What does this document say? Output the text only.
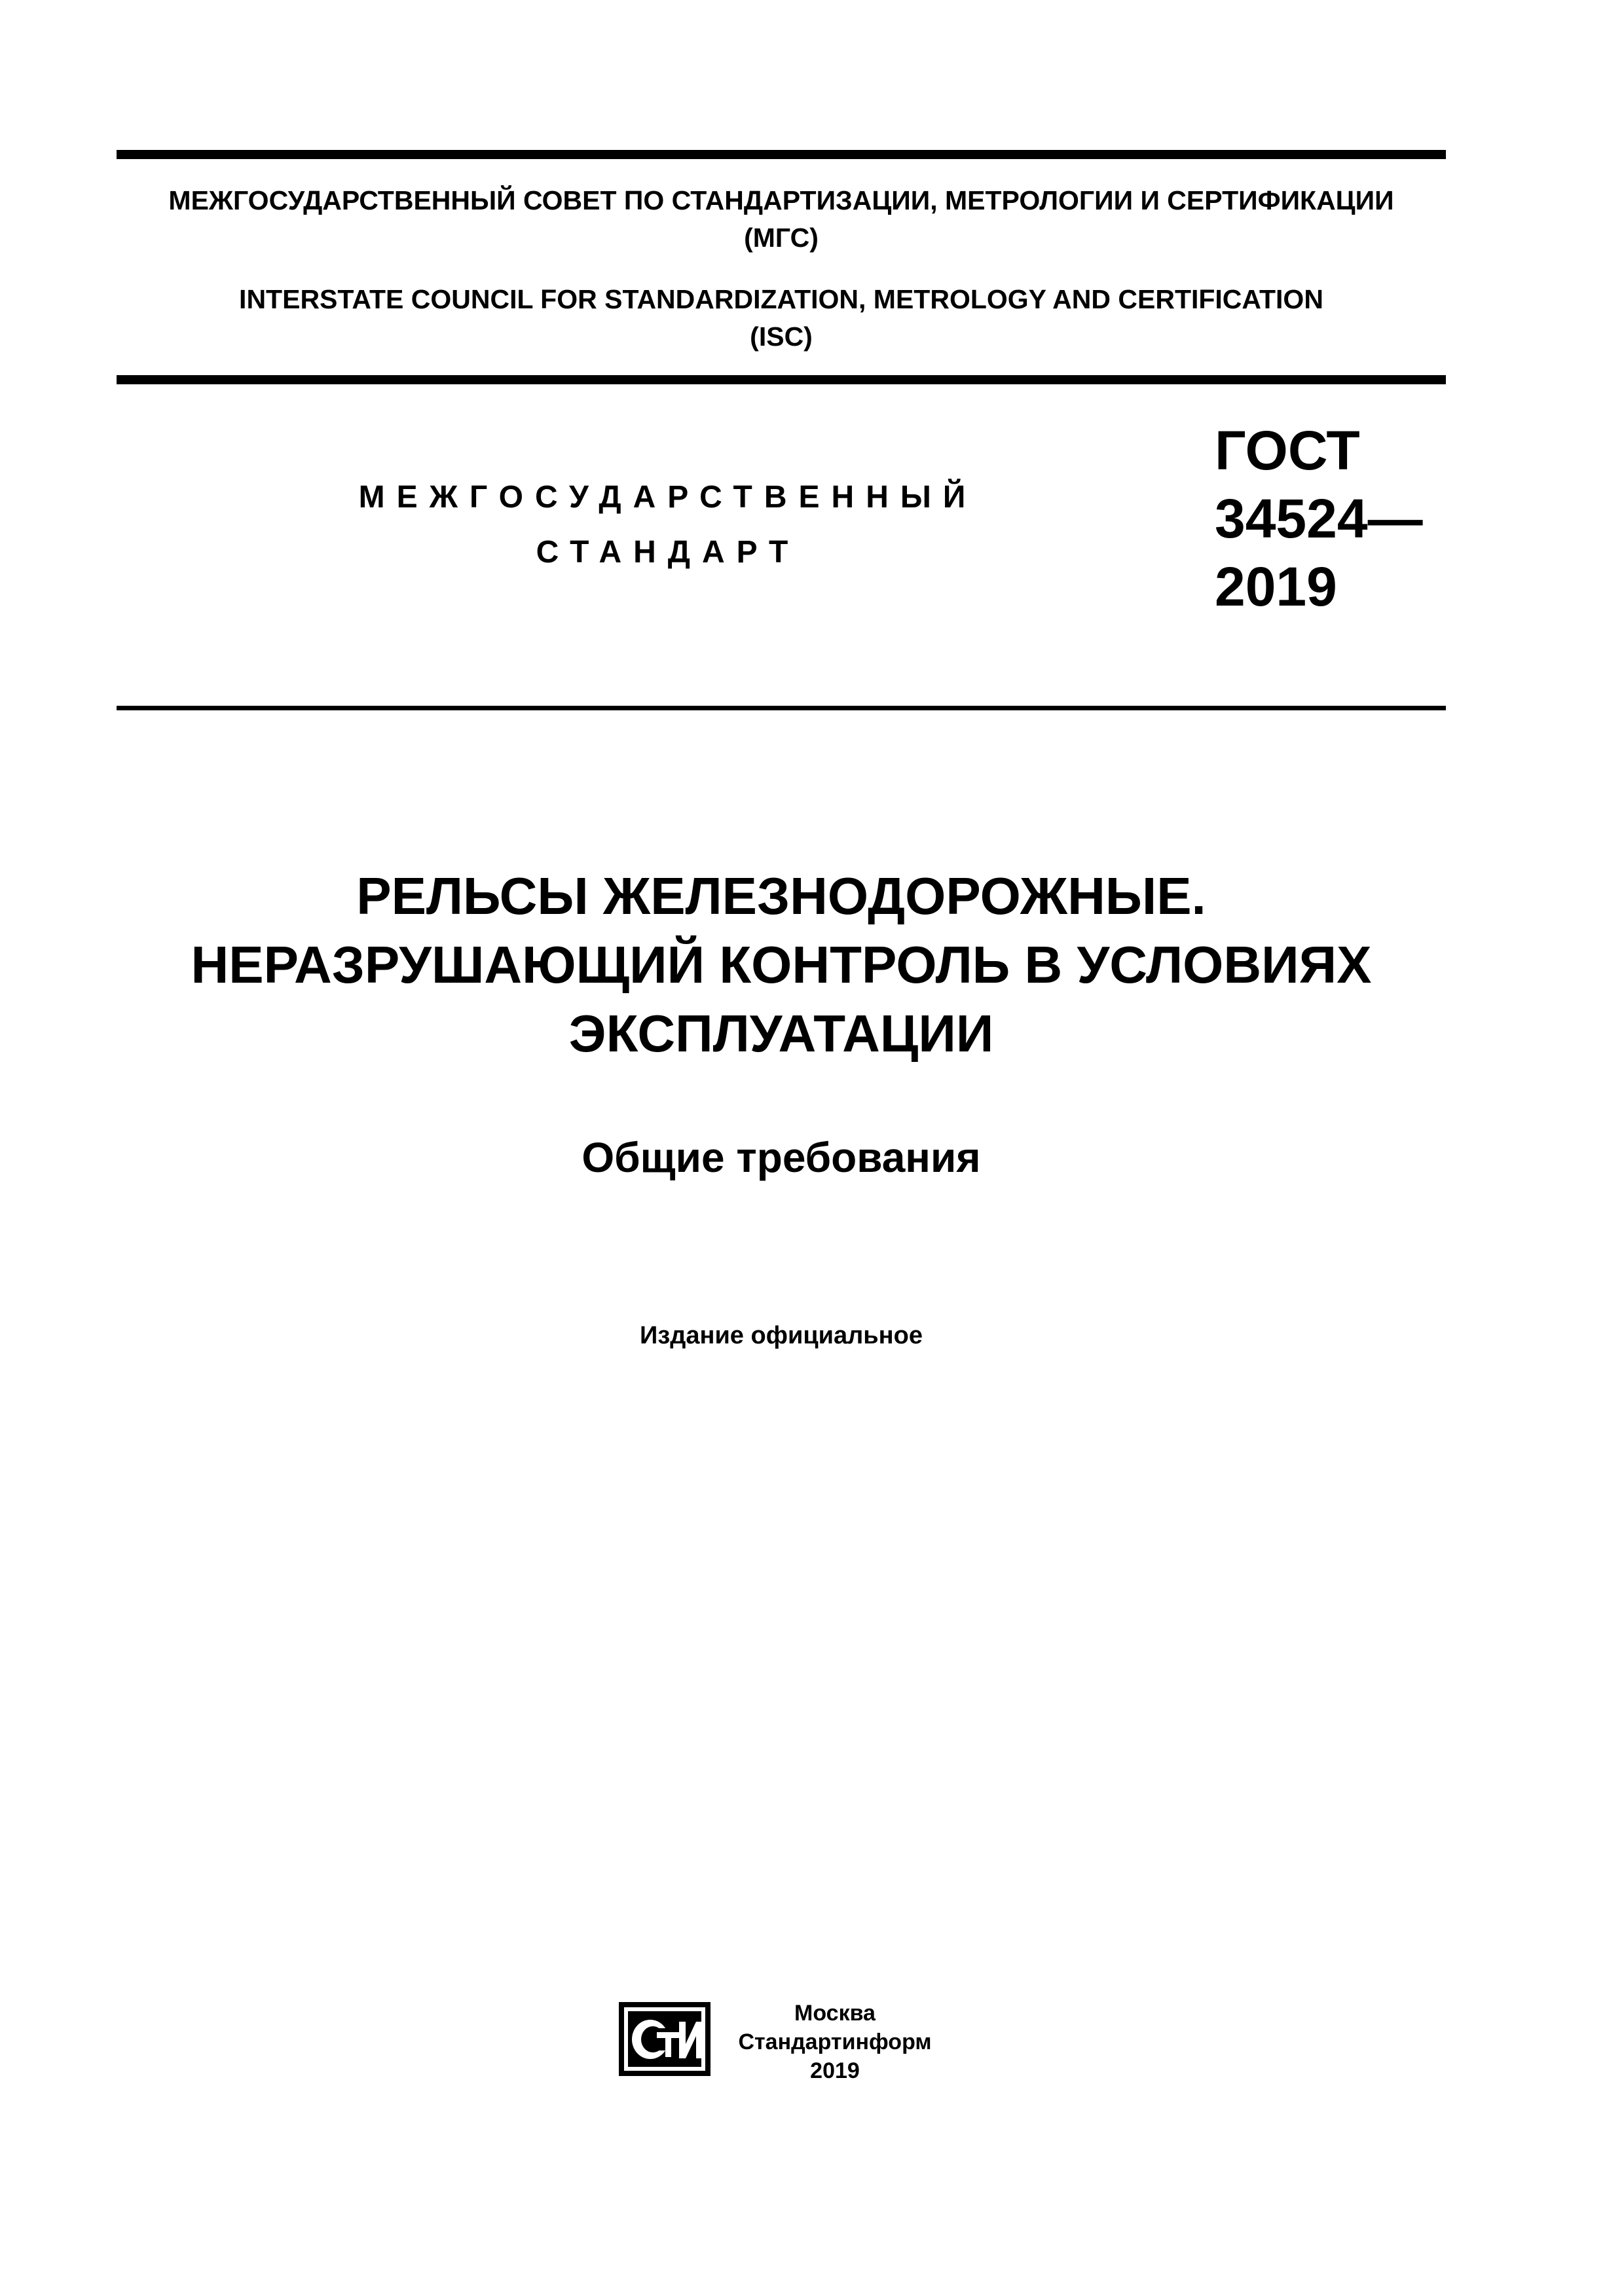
МЕЖГОСУДАРСТВЕННЫЙ СОВЕТ ПО СТАНДАРТИЗАЦИИ, МЕТРОЛОГИИ И СЕРТИФИКАЦИИ
(МГС)
INTERSTATE COUNCIL FOR STANDARDIZATION, METROLOGY AND CERTIFICATION
(ISC)
МЕЖГОСУДАРСТВЕННЫЙ
СТАНДАРТ
ГОСТ
34524—
2019
РЕЛЬСЫ ЖЕЛЕЗНОДОРОЖНЫЕ.
НЕРАЗРУШАЮЩИЙ КОНТРОЛЬ В УСЛОВИЯХ
ЭКСПЛУАТАЦИИ
Общие требования
Издание официальное
Москва
Стандартинформ
2019
